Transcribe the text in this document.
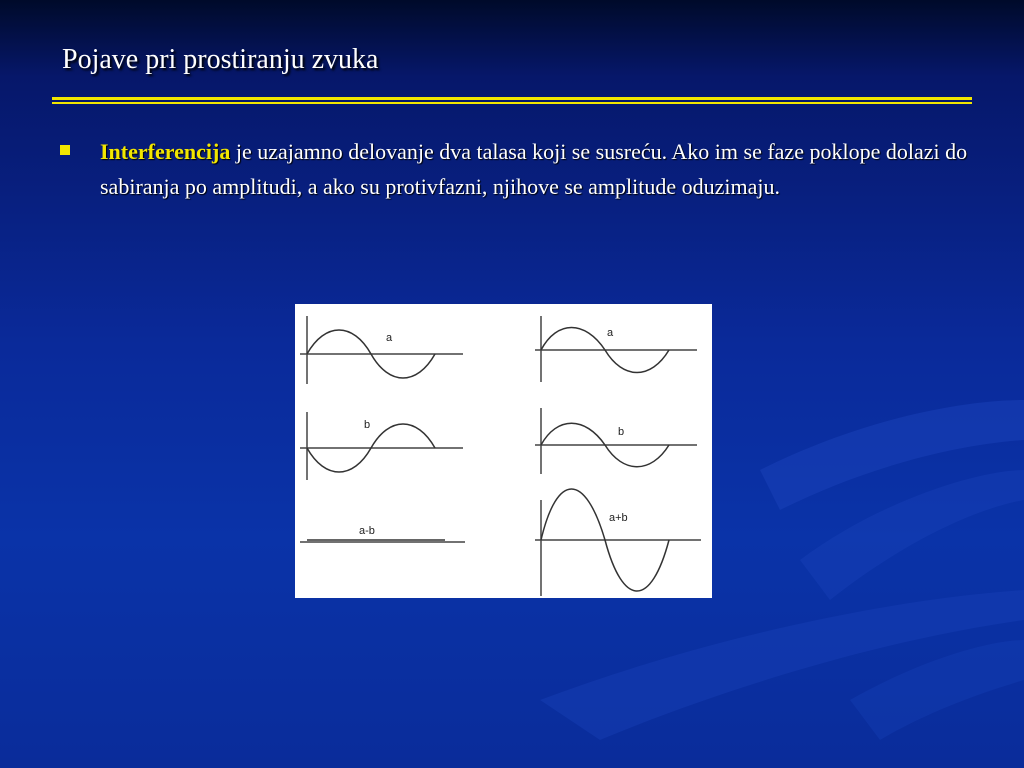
Pojave pri prostiranju zvuka
Interferencija je uzajamno delovanje dva talasa koji se susreću. Ako im se faze poklope dolazi do sabiranja po amplitudi, a ako su protivfazni, njihove se amplitude oduzimaju.
a
b
a-b
a
b
a+b
